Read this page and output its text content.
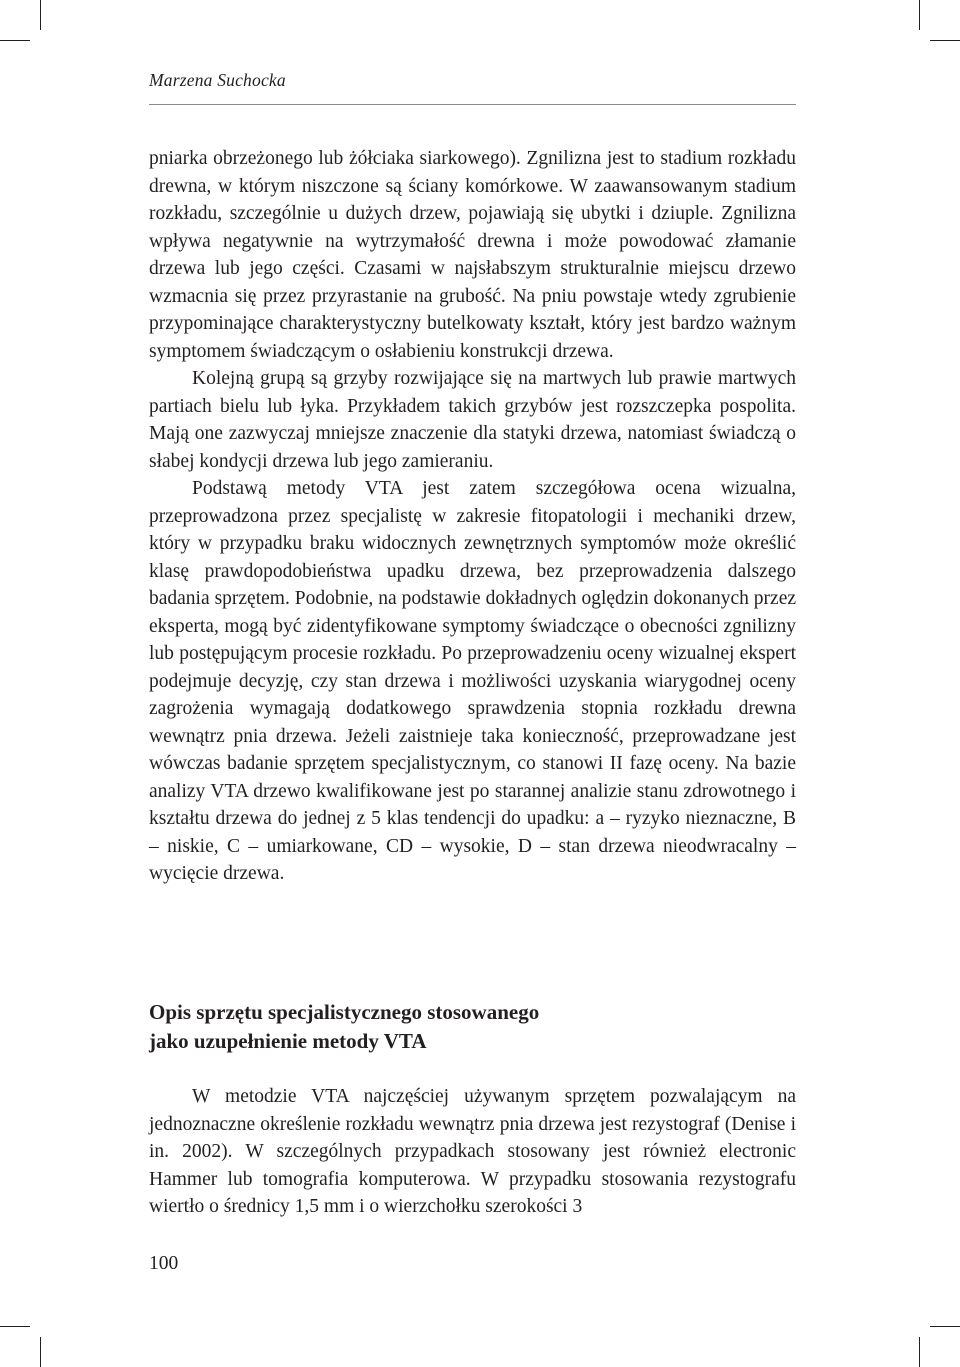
Marzena Suchocka

pniarka obrzeżonego lub żółciaka siarkowego). Zgnilizna jest to stadium rozkładu drewna, w którym niszczone są ściany komórkowe. W zaawansowanym stadium rozkładu, szczególnie u dużych drzew, pojawiają się ubytki i dziuple. Zgnilizna wpływa negatywnie na wytrzymałość drewna i może powodować złamanie drzewa lub jego części. Czasami w najsłabszym strukturalnie miejscu drzewo wzmacnia się przez przyrastanie na grubość. Na pniu powstaje wtedy zgrubienie przypominające charakterystyczny butelkowaty kształt, który jest bardzo ważnym symptomem świadczącym o osłabieniu konstrukcji drzewa.

Kolejną grupą są grzyby rozwijające się na martwych lub prawie martwych partiach bielu lub łyka. Przykładem takich grzybów jest rozszczepka pospolita. Mają one zazwyczaj mniejsze znaczenie dla statyki drzewa, natomiast świadczą o słabej kondycji drzewa lub jego zamieraniu.

Podstawą metody VTA jest zatem szczegółowa ocena wizualna, przeprowadzona przez specjalistę w zakresie fitopatologii i mechaniki drzew, który w przypadku braku widocznych zewnętrznych symptomów może określić klasę prawdopodobieństwa upadku drzewa, bez przeprowadzenia dalszego badania sprzętem. Podobnie, na podstawie dokładnych oględzin dokonanych przez eksperta, mogą być zidentyfikowane symptomy świadczące o obecności zgnilizny lub postępującym procesie rozkładu. Po przeprowadzeniu oceny wizualnej ekspert podejmuje decyzję, czy stan drzewa i możliwości uzyskania wiarygodnej oceny zagrożenia wymagają dodatkowego sprawdzenia stopnia rozkładu drewna wewnątrz pnia drzewa. Jeżeli zaistnieje taka konieczność, przeprowadzane jest wówczas badanie sprzętem specjalistycznym, co stanowi II fazę oceny. Na bazie analizy VTA drzewo kwalifikowane jest po starannej analizie stanu zdrowotnego i kształtu drzewa do jednej z 5 klas tendencji do upadku: a – ryzyko nieznaczne, B – niskie, C – umiarkowane, CD – wysokie, D – stan drzewa nieodwracalny – wycięcie drzewa.

Opis sprzętu specjalistycznego stosowanego
jako uzupełnienie metody VTA

W metodzie VTA najczęściej używanym sprzętem pozwalającym na jednoznaczne określenie rozkładu wewnątrz pnia drzewa jest rezystograf (Denise i in. 2002). W szczególnych przypadkach stosowany jest również electronic Hammer lub tomografia komputerowa. W przypadku stosowania rezystografu wiertło o średnicy 1,5 mm i o wierzchołku szerokości 3

100
